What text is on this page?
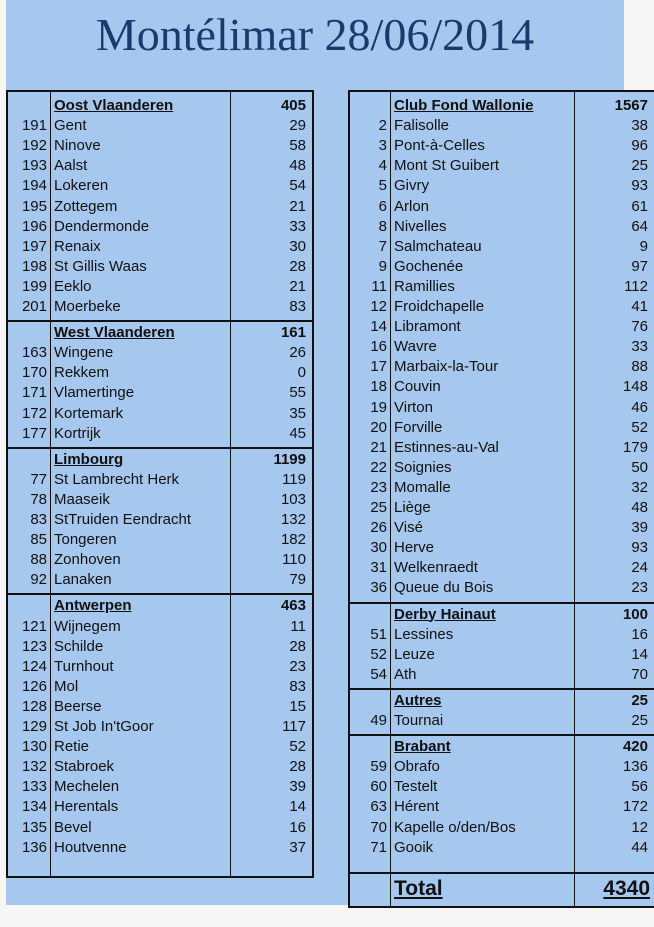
Montélimar 28/06/2014
Oost Vlaanderen	405
191 Gent	29
192 Ninove	58
193 Aalst	48
194 Lokeren	54
195 Zottegem	21
196 Dendermonde	33
197 Renaix	30
198 St Gillis Waas	28
199 Eeklo	21
201 Moerbeke	83
West Vlaanderen	161
163 Wingene	26
170 Rekkem	0
171 Vlamertinge	55
172 Kortemark	35
177 Kortrijk	45
Limbourg	1199
77 St Lambrecht Herk	119
78 Maaseik	103
83 StTruiden Eendracht	132
85 Tongeren	182
88 Zonhoven	110
92 Lanaken	79
Antwerpen	463
121 Wijnegem	11
123 Schilde	28
124 Turnhout	23
126 Mol	83
128 Beerse	15
129 St Job In'tGoor	117
130 Retie	52
132 Stabroek	28
133 Mechelen	39
134 Herentals	14
135 Bevel	16
136 Houtvenne	37
Club Fond Wallonie	1567
2 Falisolle	38
3 Pont-à-Celles	96
4 Mont St Guibert	25
5 Givry	93
6 Arlon	61
8 Nivelles	64
7 Salmchateau	9
9 Gochenée	97
11 Ramillies	112
12 Froidchapelle	41
14 Libramont	76
16 Wavre	33
17 Marbaix-la-Tour	88
18 Couvin	148
19 Virton	46
20 Forville	52
21 Estinnes-au-Val	179
22 Soignies	50
23 Momalle	32
25 Liège	48
26 Visé	39
30 Herve	93
31 Welkenraedt	24
36 Queue du Bois	23
Derby Hainaut	100
51 Lessines	16
52 Leuze	14
54 Ath	70
Autres	25
49 Tournai	25
Brabant	420
59 Obrafo	136
60 Testelt	56
63 Hérent	172
70 Kapelle o/den/Bos	12
71 Gooik	44
Total	4340
